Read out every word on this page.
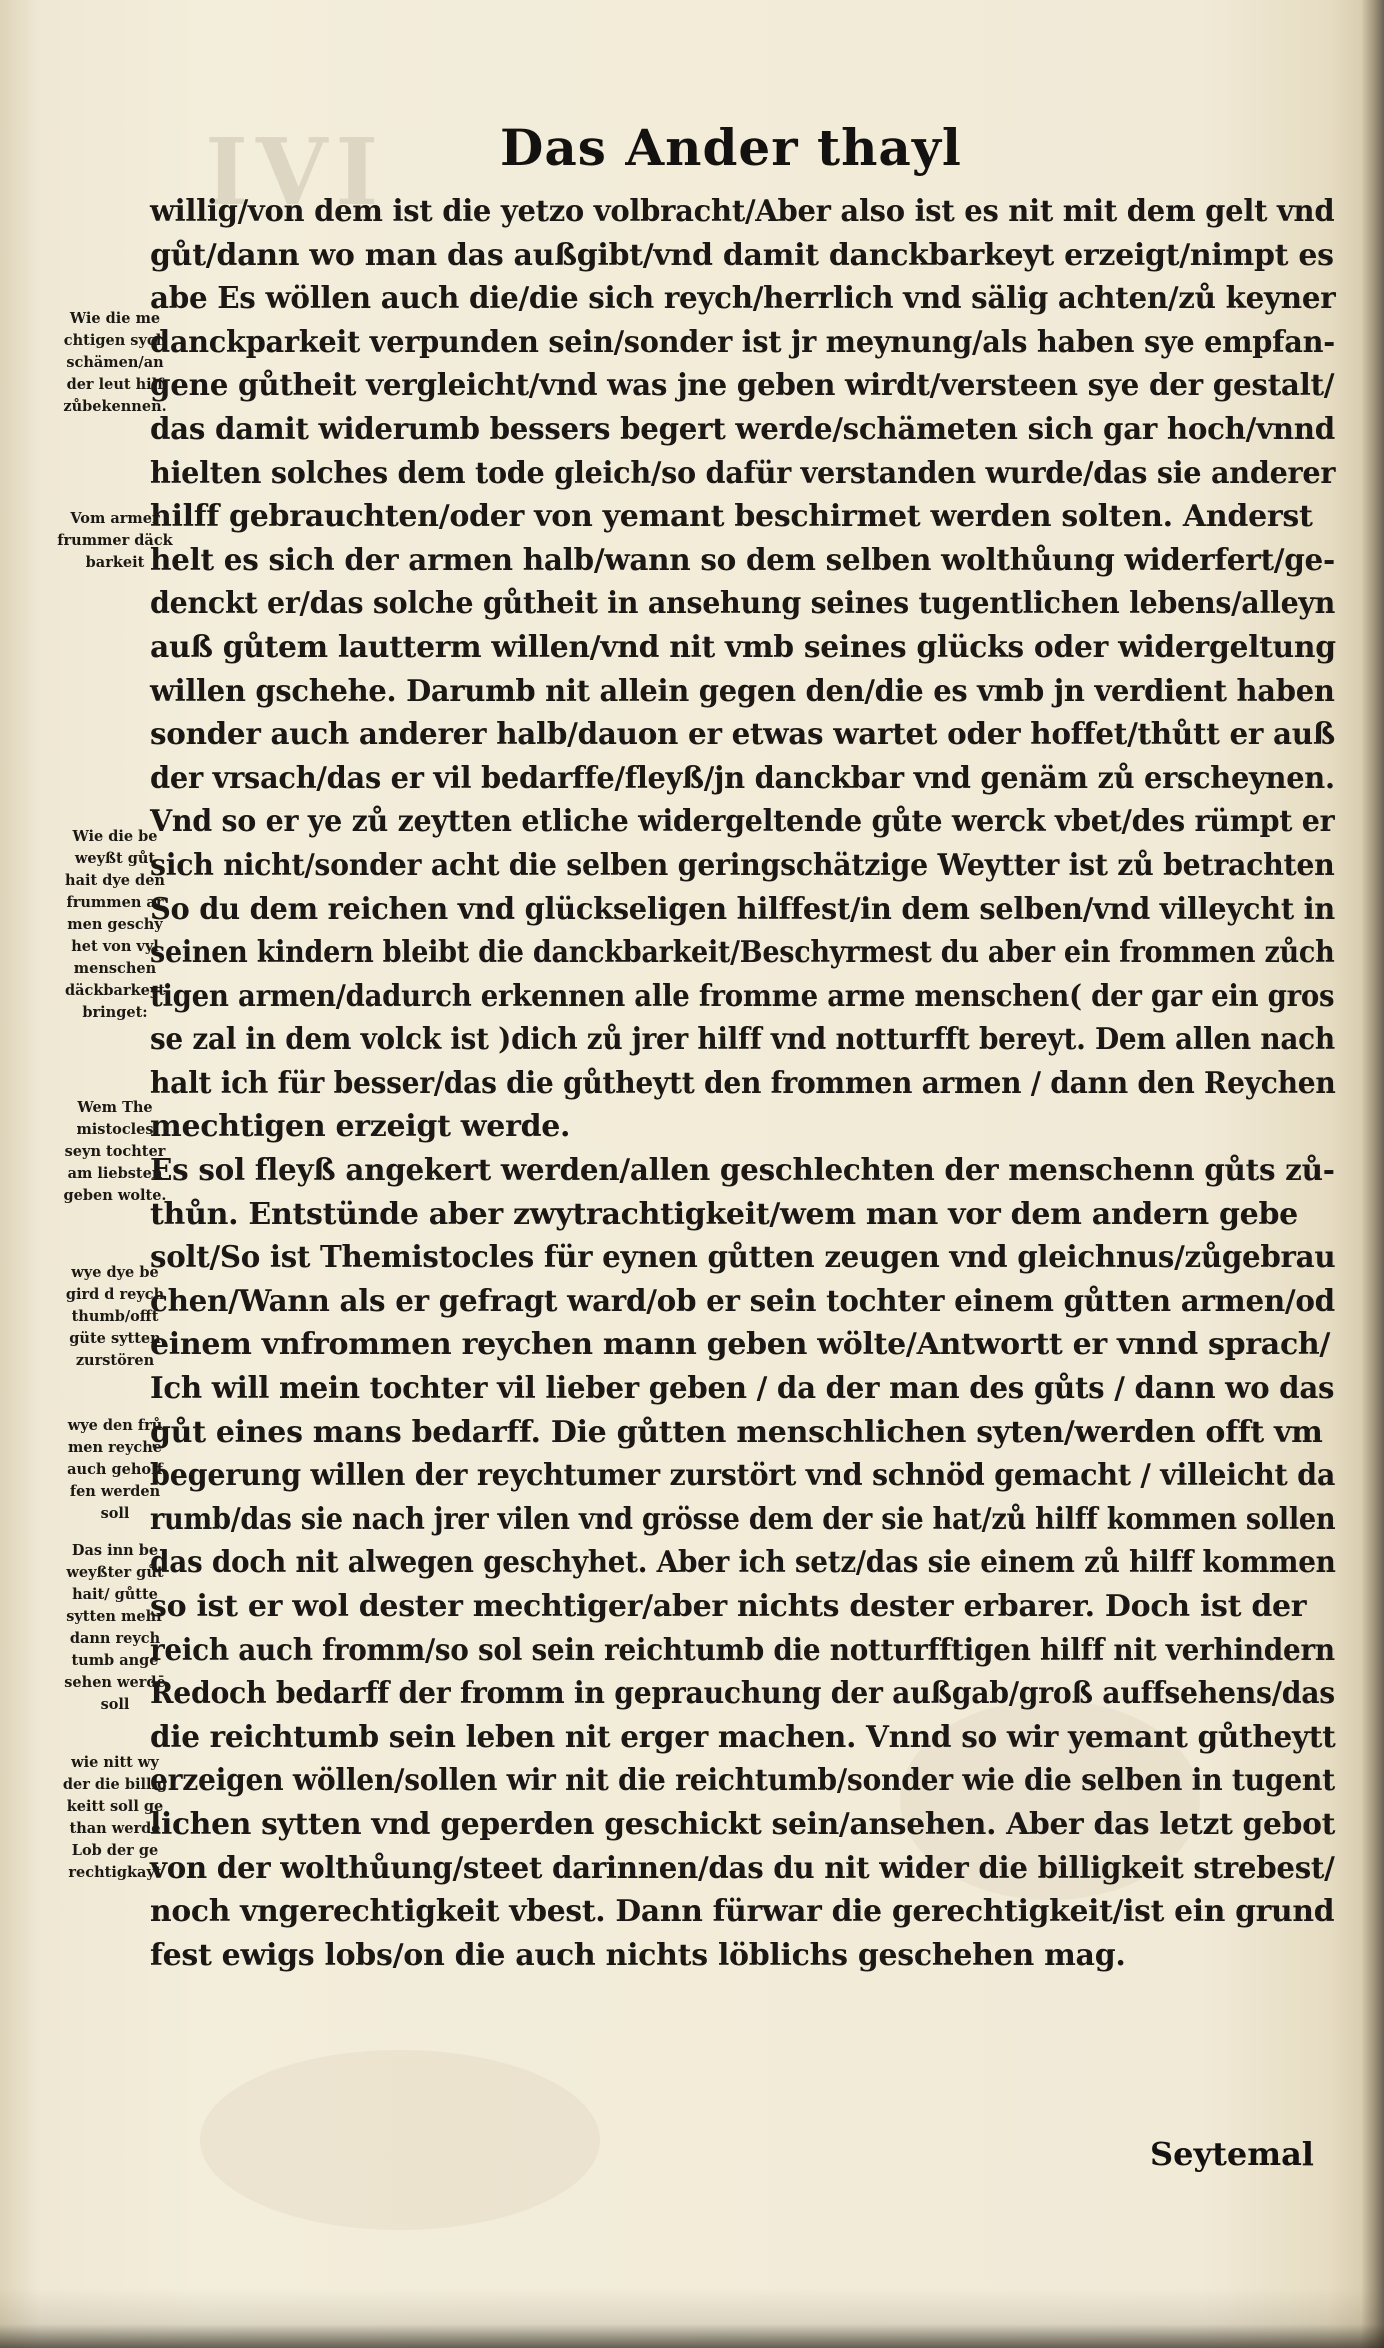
IVI Das Ander thayl
willig/von dem ist die yetzo volbracht/Aber also ist es nit mit dem gelt vnd
gůt/dann wo man das außgibt/vnd damit danckbarkeyt erzeigt/nimpt es
abe Es wöllen auch die/die sich reych/herrlich vnd sälig achten/zů keyner
danckparkeit verpunden sein/sonder ist jr meynung/als haben sye empfan-
gene gůtheit vergleicht/vnd was jne geben wirdt/versteen sye der gestalt/
das damit widerumb bessers begert werde/schämeten sich gar hoch/vnnd
hielten solches dem tode gleich/so dafür verstanden wurde/das sie anderer
hilff gebrauchten/oder von yemant beschirmet werden solten. Anderst
helt es sich der armen halb/wann so dem selben wolthůung widerfert/ge-
denckt er/das solche gůtheit in ansehung seines tugentlichen lebens/alleyn
auß gůtem lautterm willen/vnd nit vmb seines glücks oder widergeltung
willen gschehe. Darumb nit allein gegen den/die es vmb jn verdient haben
sonder auch anderer halb/dauon er etwas wartet oder hoffet/thůtt er auß
der vrsach/das er vil bedarffe/fleyß/jn danckbar vnd genäm zů erscheynen.
Vnd so er ye zů zeytten etliche widergeltende gůte werck vbet/des rümpt er
sich nicht/sonder acht die selben geringschätzige Weytter ist zů betrachten
So du dem reichen vnd glückseligen hilffest/in dem selben/vnd villeycht in
seinen kindern bleibt die danckbarkeit/Beschyrmest du aber ein frommen zůch
tigen armen/dadurch erkennen alle fromme arme menschen( der gar ein gros
se zal in dem volck ist )dich zů jrer hilff vnd notturfft bereyt. Dem allen nach
halt ich für besser/das die gůtheytt den frommen armen / dann den Reychen
mechtigen erzeigt werde.
Es sol fleyß angekert werden/allen geschlechten der menschenn gůts zů-
thůn. Entstünde aber zwytrachtigkeit/wem man vor dem andern gebe
solt/So ist Themistocles für eynen gůtten zeugen vnd gleichnus/zůgebrau
chen/Wann als er gefragt ward/ob er sein tochter einem gůtten armen/od
einem vnfrommen reychen mann geben wölte/Antwortt er vnnd sprach/
Ich will mein tochter vil lieber geben / da der man des gůts / dann wo das
gůt eines mans bedarff. Die gůtten menschlichen syten/werden offt vm
begerung willen der reychtumer zurstört vnd schnöd gemacht / villeicht da
rumb/das sie nach jrer vilen vnd grösse dem der sie hat/zů hilff kommen sollen
das doch nit alwegen geschyhet. Aber ich setz/das sie einem zů hilff kommen
so ist er wol dester mechtiger/aber nichts dester erbarer. Doch ist der
reich auch fromm/so sol sein reichtumb die notturfftigen hilff nit verhindern
Redoch bedarff der fromm in geprauchung der außgab/groß auffsehens/das
die reichtumb sein leben nit erger machen. Vnnd so wir yemant gůtheytt
erzeigen wöllen/sollen wir nit die reichtumb/sonder wie die selben in tugent
lichen sytten vnd geperden geschickt sein/ansehen. Aber das letzt gebot
von der wolthůung/steet darinnen/das du nit wider die billigkeit strebest/
noch vngerechtigkeit vbest. Dann fürwar die gerechtigkeit/ist ein grund
fest ewigs lobs/on die auch nichts löblichs geschehen mag.
Wie die me
chtigen sych
schämen/an
der leut hilf
zůbekennen.
Vom armer
frummer däck
barkeit
Wie die be
weyßt gůt
hait dye den
frummen ar
men geschy
het von vyl
menschen
däckbarkeyt
bringet:
Wem The
mistocles
seyn tochter
am liebsten
geben wolte.
wye dye be
gird d reych
thumb/offt
güte sytten
zurstören
wye den frů
men reychē
auch geholf
fen werden
soll
Das inn be
weyßter gůt
hait/ gůtte
sytten mehr
dann reych
tumb ange
sehen werdē
soll
wie nitt wy
der die billig
keitt soll ge
than werdē
Lob der ge
rechtigkayt
Seytemal
